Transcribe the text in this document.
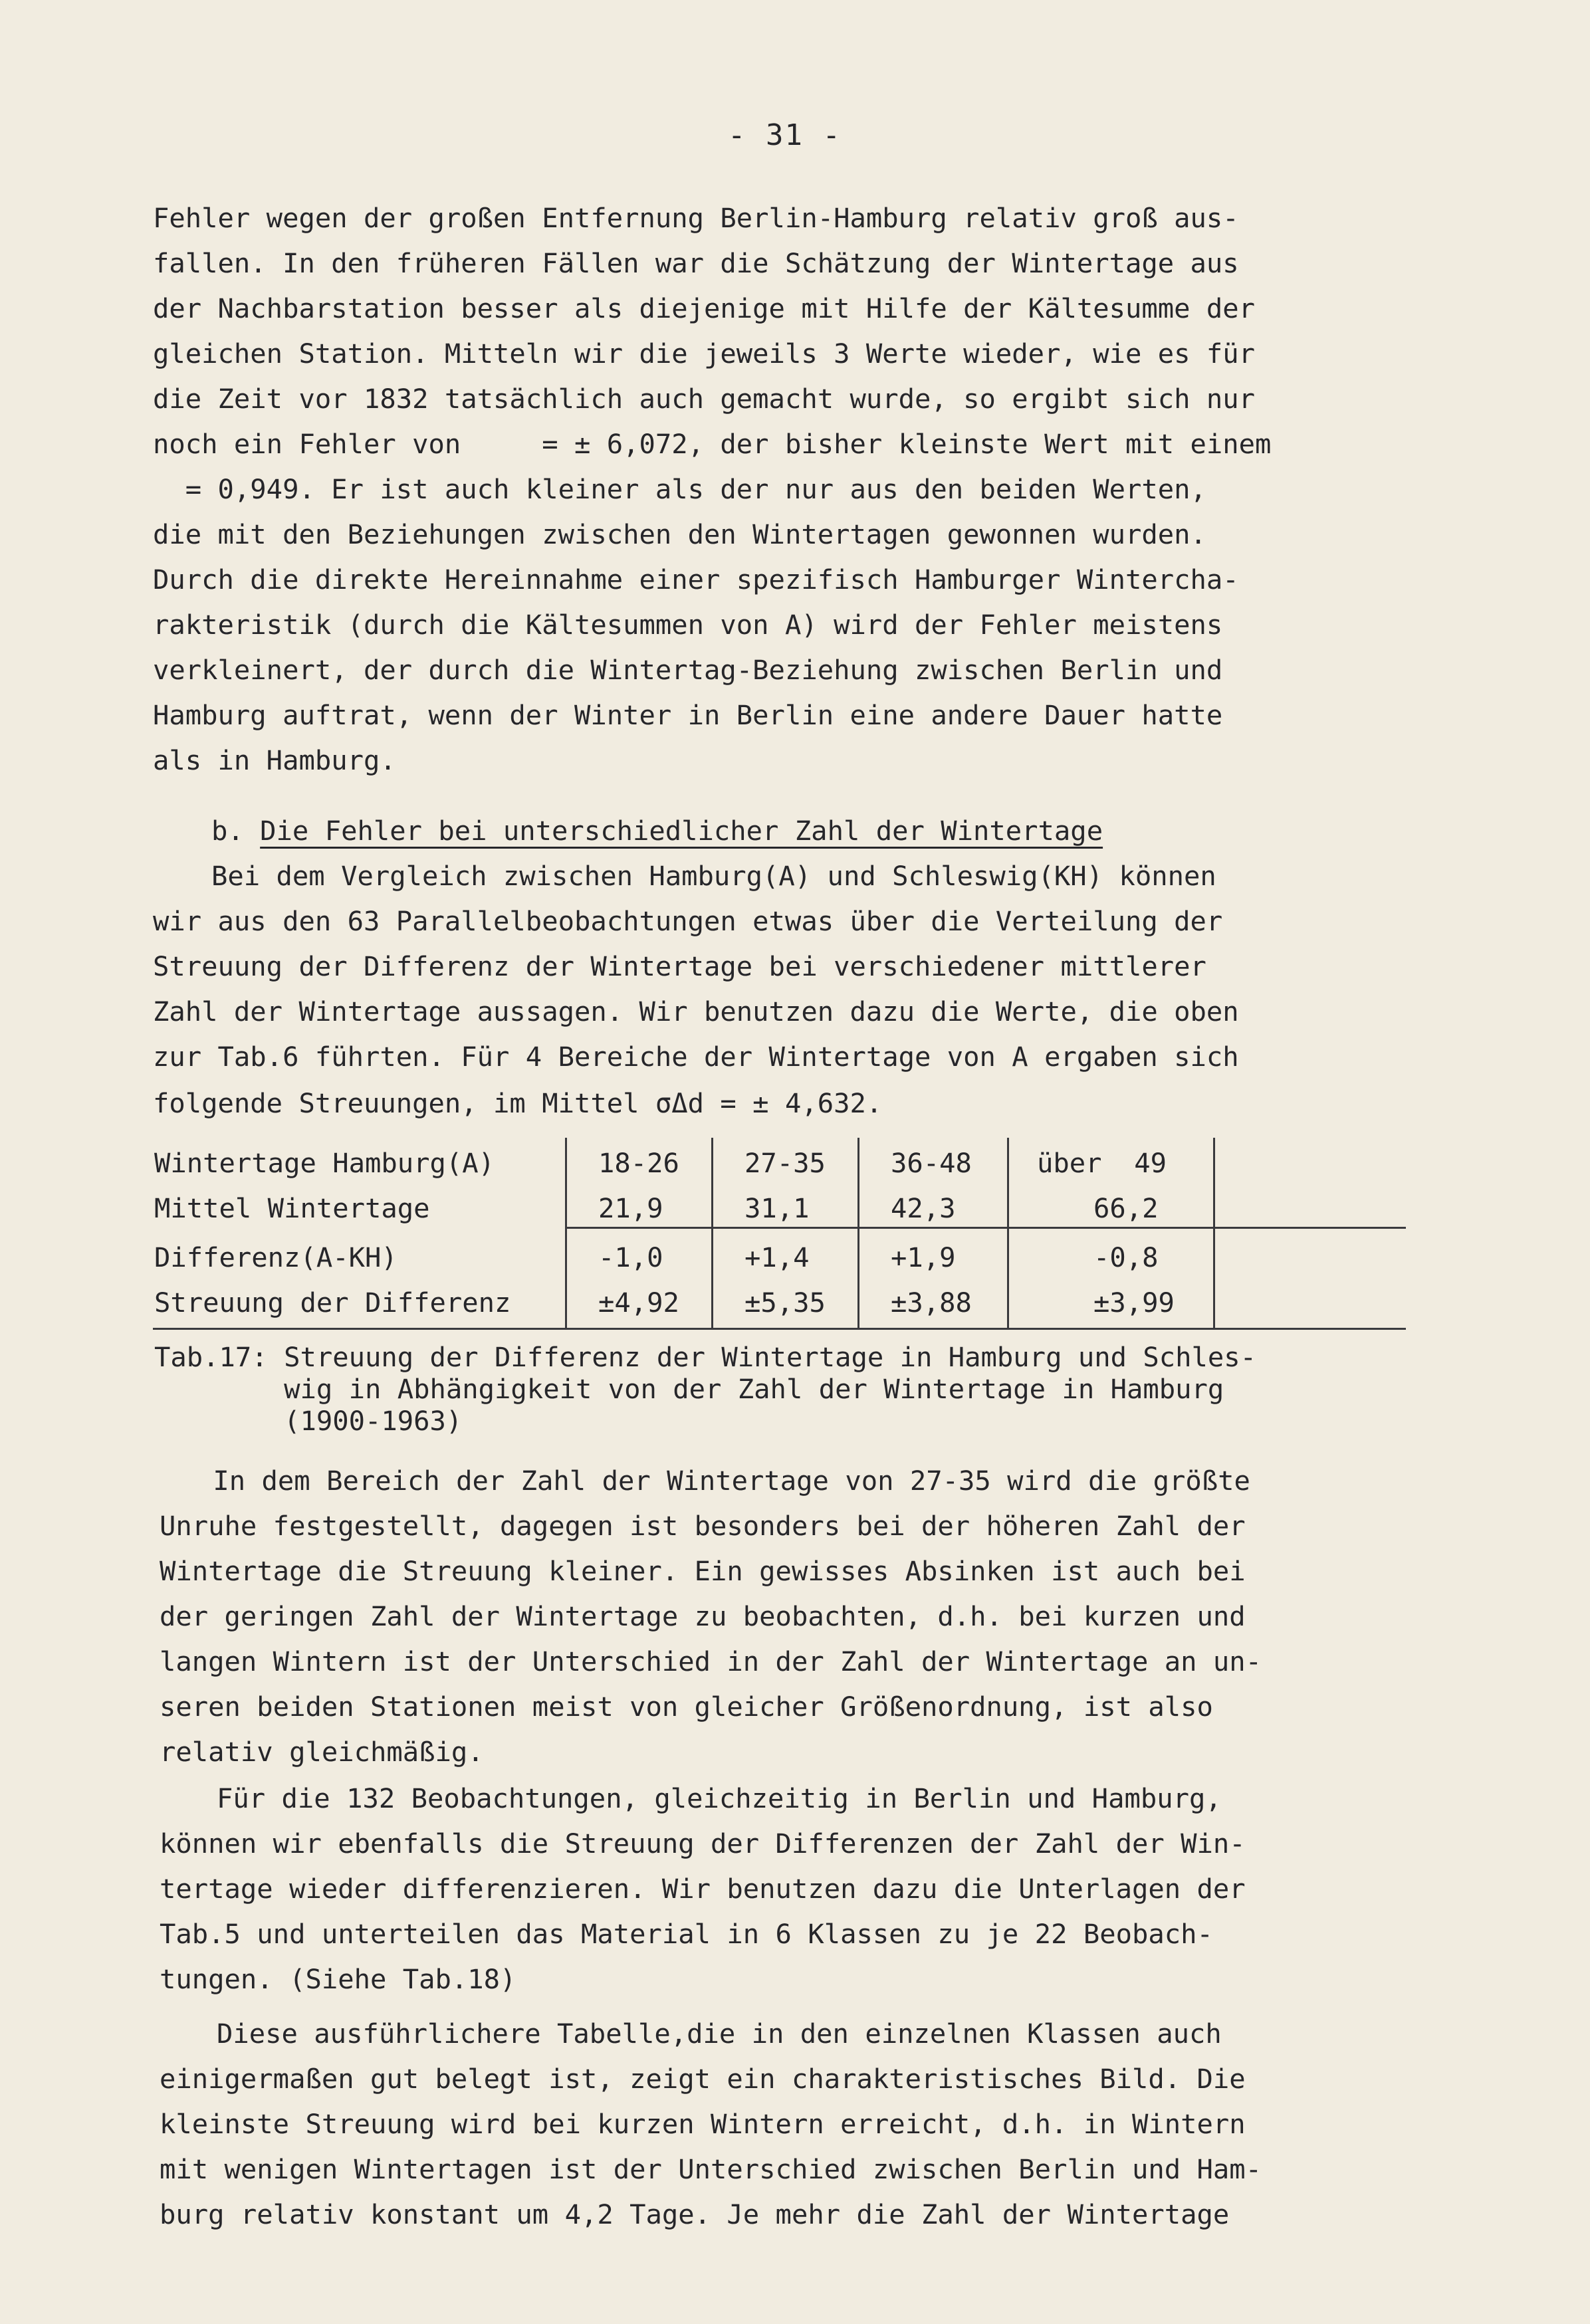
- 31 -
Fehler wegen der großen Entfernung Berlin-Hamburg relativ groß aus-
fallen. In den früheren Fällen war die Schätzung der Wintertage aus
der Nachbarstation besser als diejenige mit Hilfe der Kältesumme der
gleichen Station. Mitteln wir die jeweils 3 Werte wieder, wie es für
die Zeit vor 1832 tatsächlich auch gemacht wurde, so ergibt sich nur
noch ein Fehler von     = ± 6,072, der bisher kleinste Wert mit einem
= 0,949. Er ist auch kleiner als der nur aus den beiden Werten,
die mit den Beziehungen zwischen den Wintertagen gewonnen wurden.
Durch die direkte Hereinnahme einer spezifisch Hamburger Winterchа-
rakteristik (durch die Kältesummen von A) wird der Fehler meistens
verkleinert, der durch die Wintertag-Beziehung zwischen Berlin und
Hamburg auftrat, wenn der Winter in Berlin eine andere Dauer hatte
als in Hamburg.
b. Die Fehler bei unterschiedlicher Zahl der Wintertage
Bei dem Vergleich zwischen Hamburg(A) und Schleswig(KH) können
wir aus den 63 Parallelbeobachtungen etwas über die Verteilung der
Streuung der Differenz der Wintertage bei verschiedener mittlerer
Zahl der Wintertage aussagen. Wir benutzen dazu die Werte, die oben
zur Tab.6 führten. Für 4 Bereiche der Wintertage von A ergaben sich
folgende Streuungen, im Mittel σΔd = ± 4,632.
Wintertage Hamburg(A)
Mittel Wintertage
Differenz(A-KH)
Streuung der Differenz
18-26
21,9
-1,0
±4,92
27-35
31,1
+1,4
±5,35
36-48
42,3
+1,9
±3,88
über  49
66,2
-0,8
±3,99
Tab.17: Streuung der Differenz der Wintertage in Hamburg und Schles-
wig in Abhängigkeit von der Zahl der Wintertage in Hamburg
(1900-1963)
In dem Bereich der Zahl der Wintertage von 27-35 wird die größte
Unruhe festgestellt, dagegen ist besonders bei der höheren Zahl der
Wintertage die Streuung kleiner. Ein gewisses Absinken ist auch bei
der geringen Zahl der Wintertage zu beobachten, d.h. bei kurzen und
langen Wintern ist der Unterschied in der Zahl der Wintertage an un-
seren beiden Stationen meist von gleicher Größenordnung, ist also
relativ gleichmäßig.
Für die 132 Beobachtungen, gleichzeitig in Berlin und Hamburg,
können wir ebenfalls die Streuung der Differenzen der Zahl der Win-
tertage wieder differenzieren. Wir benutzen dazu die Unterlagen der
Tab.5 und unterteilen das Material in 6 Klassen zu je 22 Beobach-
tungen. (Siehe Tab.18)
Diese ausführlichere Tabelle,die in den einzelnen Klassen auch
einigermaßen gut belegt ist, zeigt ein charakteristisches Bild. Die
kleinste Streuung wird bei kurzen Wintern erreicht, d.h. in Wintern
mit wenigen Wintertagen ist der Unterschied zwischen Berlin und Ham-
burg relativ konstant um 4,2 Tage. Je mehr die Zahl der Wintertage
